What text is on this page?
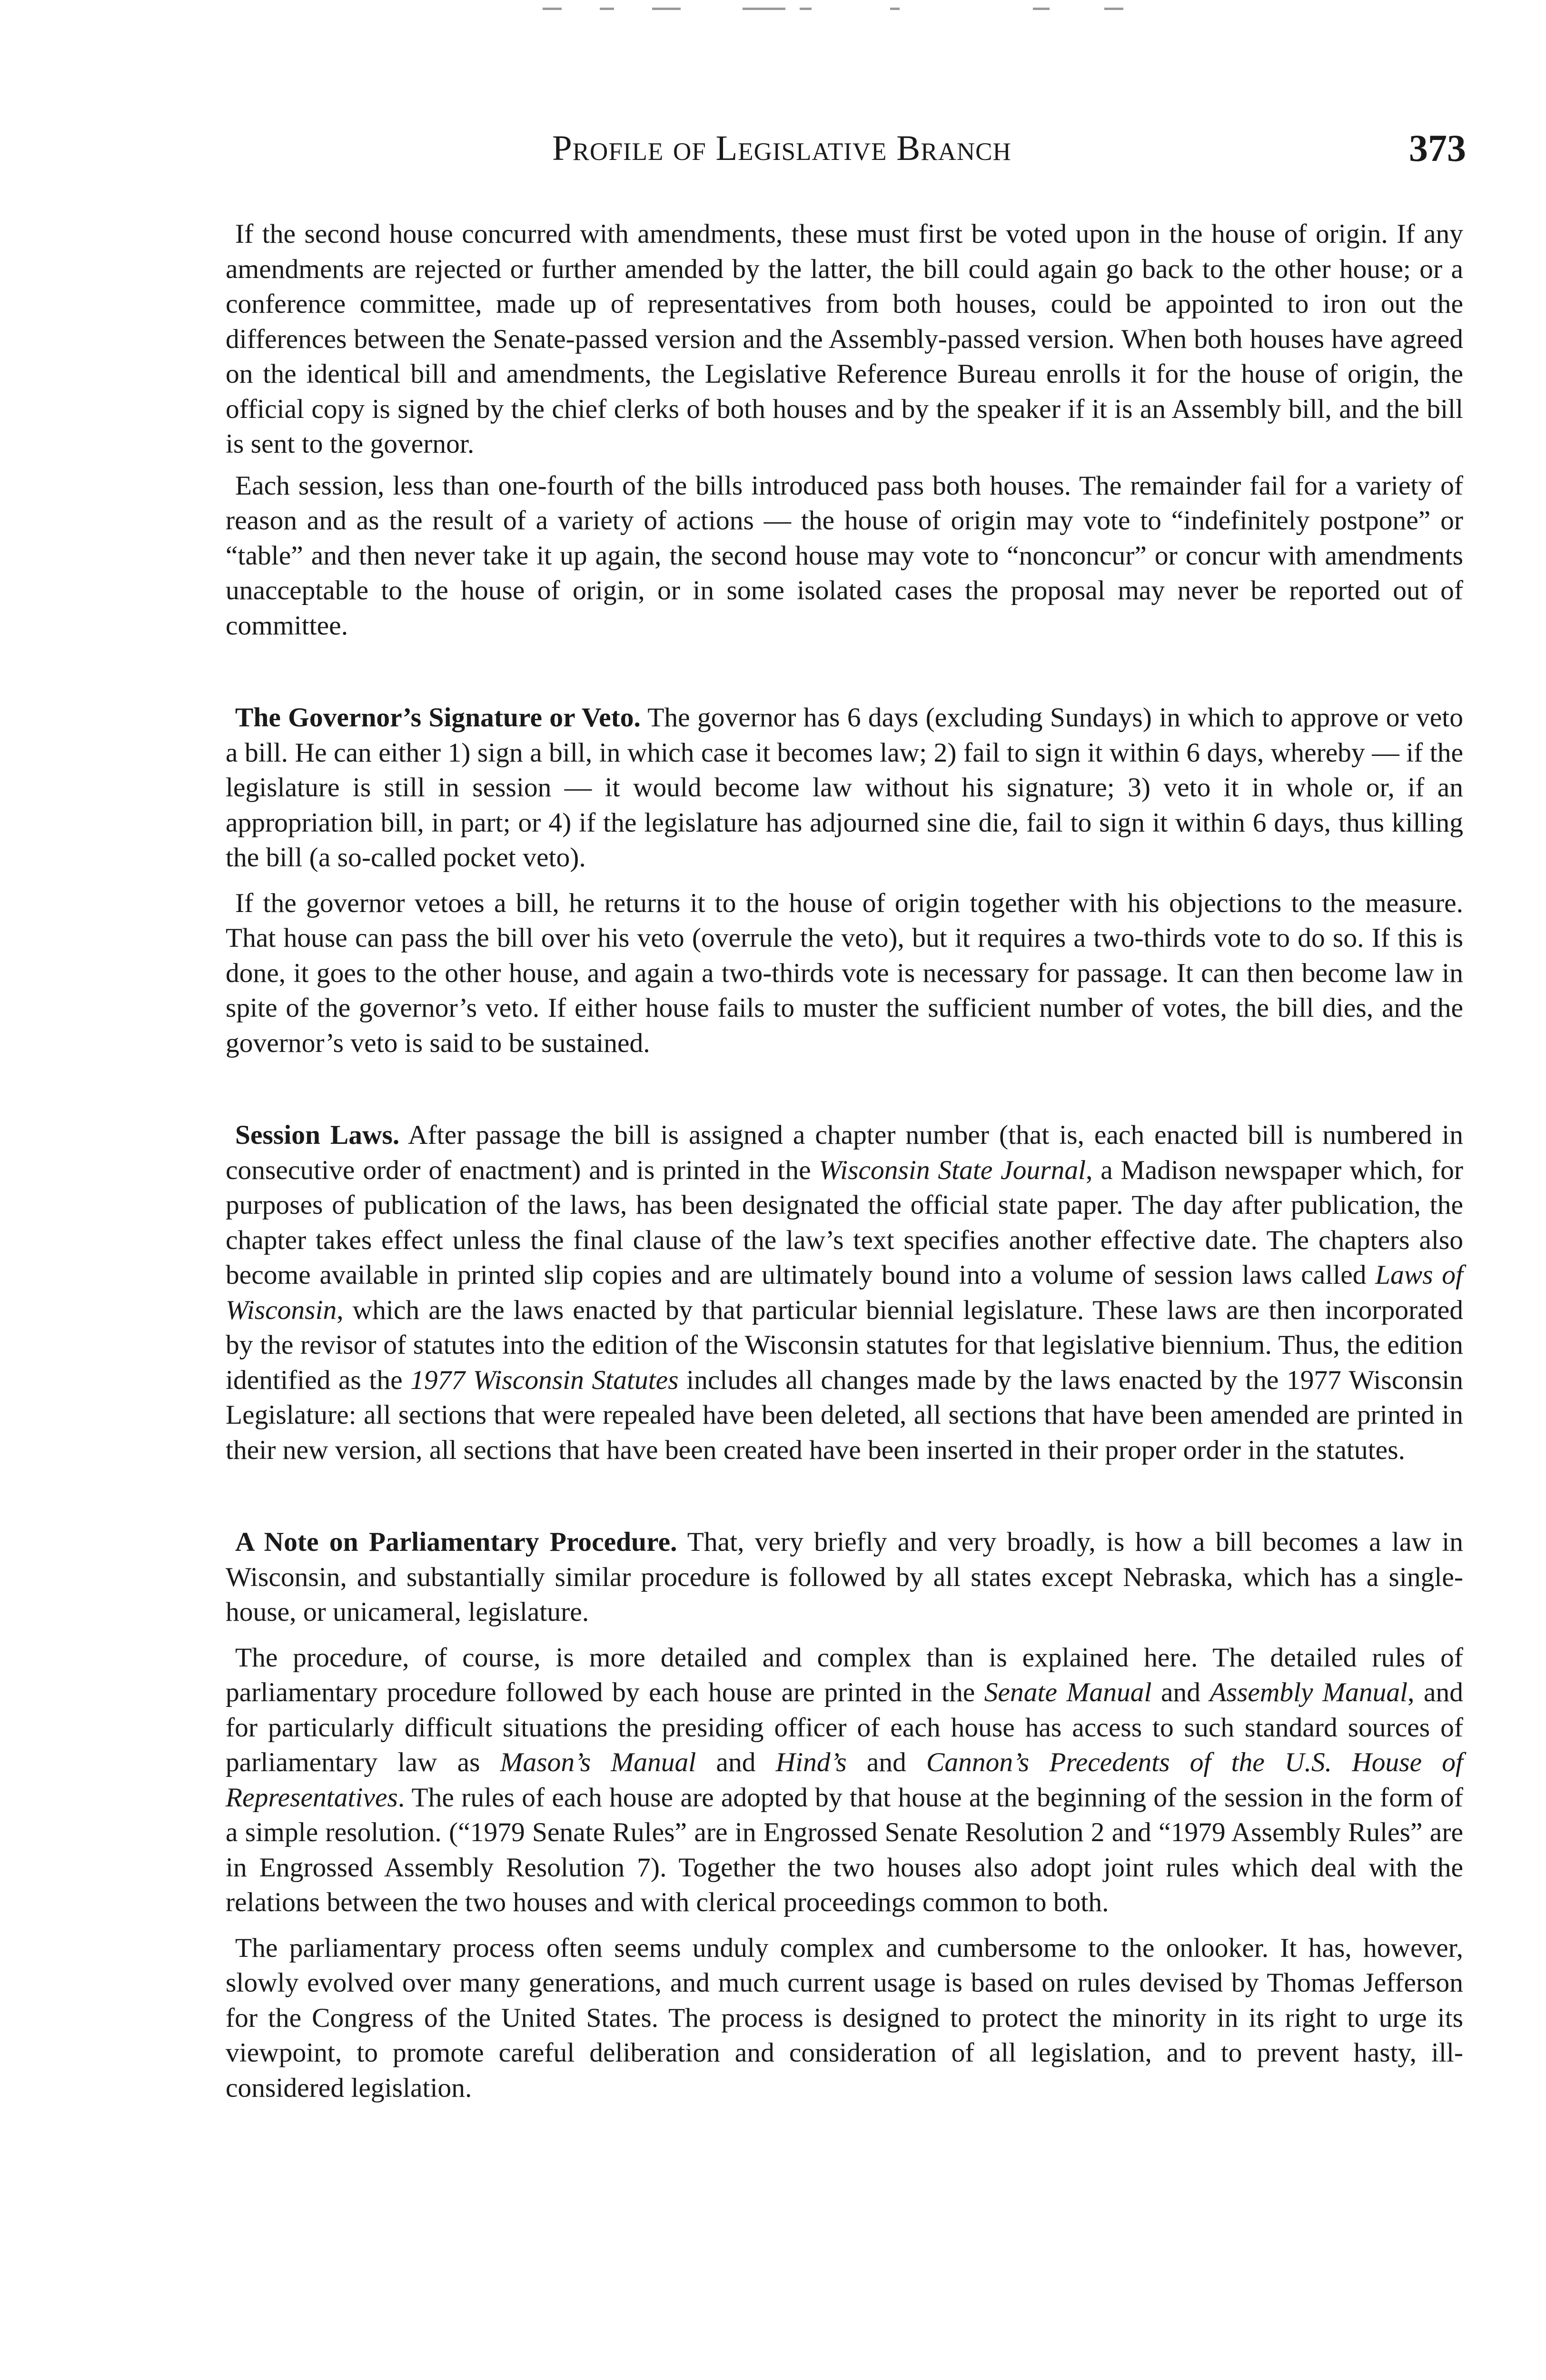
Profile of Legislative Branch	373

If the second house concurred with amendments, these must first be voted upon in the house of origin. If any amendments are rejected or further amended by the latter, the bill could again go back to the other house; or a conference committee, made up of representatives from both houses, could be appointed to iron out the differences between the Senate-passed version and the Assembly-passed version. When both houses have agreed on the identical bill and amendments, the Legislative Reference Bureau enrolls it for the house of origin, the official copy is signed by the chief clerks of both houses and by the speaker if it is an Assembly bill, and the bill is sent to the governor.

Each session, less than one-fourth of the bills introduced pass both houses. The remainder fail for a variety of reason and as the result of a variety of actions — the house of origin may vote to “indefinitely postpone” or “table” and then never take it up again, the second house may vote to “nonconcur” or concur with amendments unacceptable to the house of origin, or in some isolated cases the proposal may never be reported out of committee.

The Governor’s Signature or Veto. The governor has 6 days (excluding Sundays) in which to approve or veto a bill. He can either 1) sign a bill, in which case it becomes law; 2) fail to sign it within 6 days, whereby — if the legislature is still in session — it would become law without his signature; 3) veto it in whole or, if an appropriation bill, in part; or 4) if the legislature has adjourned sine die, fail to sign it within 6 days, thus killing the bill (a so-called pocket veto).

If the governor vetoes a bill, he returns it to the house of origin together with his objections to the measure. That house can pass the bill over his veto (overrule the veto), but it requires a two-thirds vote to do so. If this is done, it goes to the other house, and again a two-thirds vote is necessary for passage. It can then become law in spite of the governor’s veto. If either house fails to muster the sufficient number of votes, the bill dies, and the governor’s veto is said to be sustained.

Session Laws. After passage the bill is assigned a chapter number (that is, each enacted bill is numbered in consecutive order of enactment) and is printed in the Wisconsin State Journal, a Madison newspaper which, for purposes of publication of the laws, has been designated the official state paper. The day after publication, the chapter takes effect unless the final clause of the law’s text specifies another effective date. The chapters also become available in printed slip copies and are ultimately bound into a volume of session laws called Laws of Wisconsin, which are the laws enacted by that particular biennial legislature. These laws are then incorporated by the revisor of statutes into the edition of the Wisconsin statutes for that legislative biennium. Thus, the edition identified as the 1977 Wisconsin Statutes includes all changes made by the laws enacted by the 1977 Wisconsin Legislature: all sections that were repealed have been deleted, all sections that have been amended are printed in their new version, all sections that have been created have been inserted in their proper order in the statutes.

A Note on Parliamentary Procedure. That, very briefly and very broadly, is how a bill becomes a law in Wisconsin, and substantially similar procedure is followed by all states except Nebraska, which has a single-house, or unicameral, legislature.

The procedure, of course, is more detailed and complex than is explained here. The detailed rules of parliamentary procedure followed by each house are printed in the Senate Manual and Assembly Manual, and for particularly difficult situations the presiding officer of each house has access to such standard sources of parliamentary law as Mason’s Manual and Hind’s and Cannon’s Precedents of the U.S. House of Representatives. The rules of each house are adopted by that house at the beginning of the session in the form of a simple resolution. (“1979 Senate Rules” are in Engrossed Senate Resolution 2 and “1979 Assembly Rules” are in Engrossed Assembly Resolution 7). Together the two houses also adopt joint rules which deal with the relations between the two houses and with clerical proceedings common to both.

The parliamentary process often seems unduly complex and cumbersome to the onlooker. It has, however, slowly evolved over many generations, and much current usage is based on rules devised by Thomas Jefferson for the Congress of the United States. The process is designed to protect the minority in its right to urge its viewpoint, to promote careful deliberation and consideration of all legislation, and to prevent hasty, ill-considered legislation.
